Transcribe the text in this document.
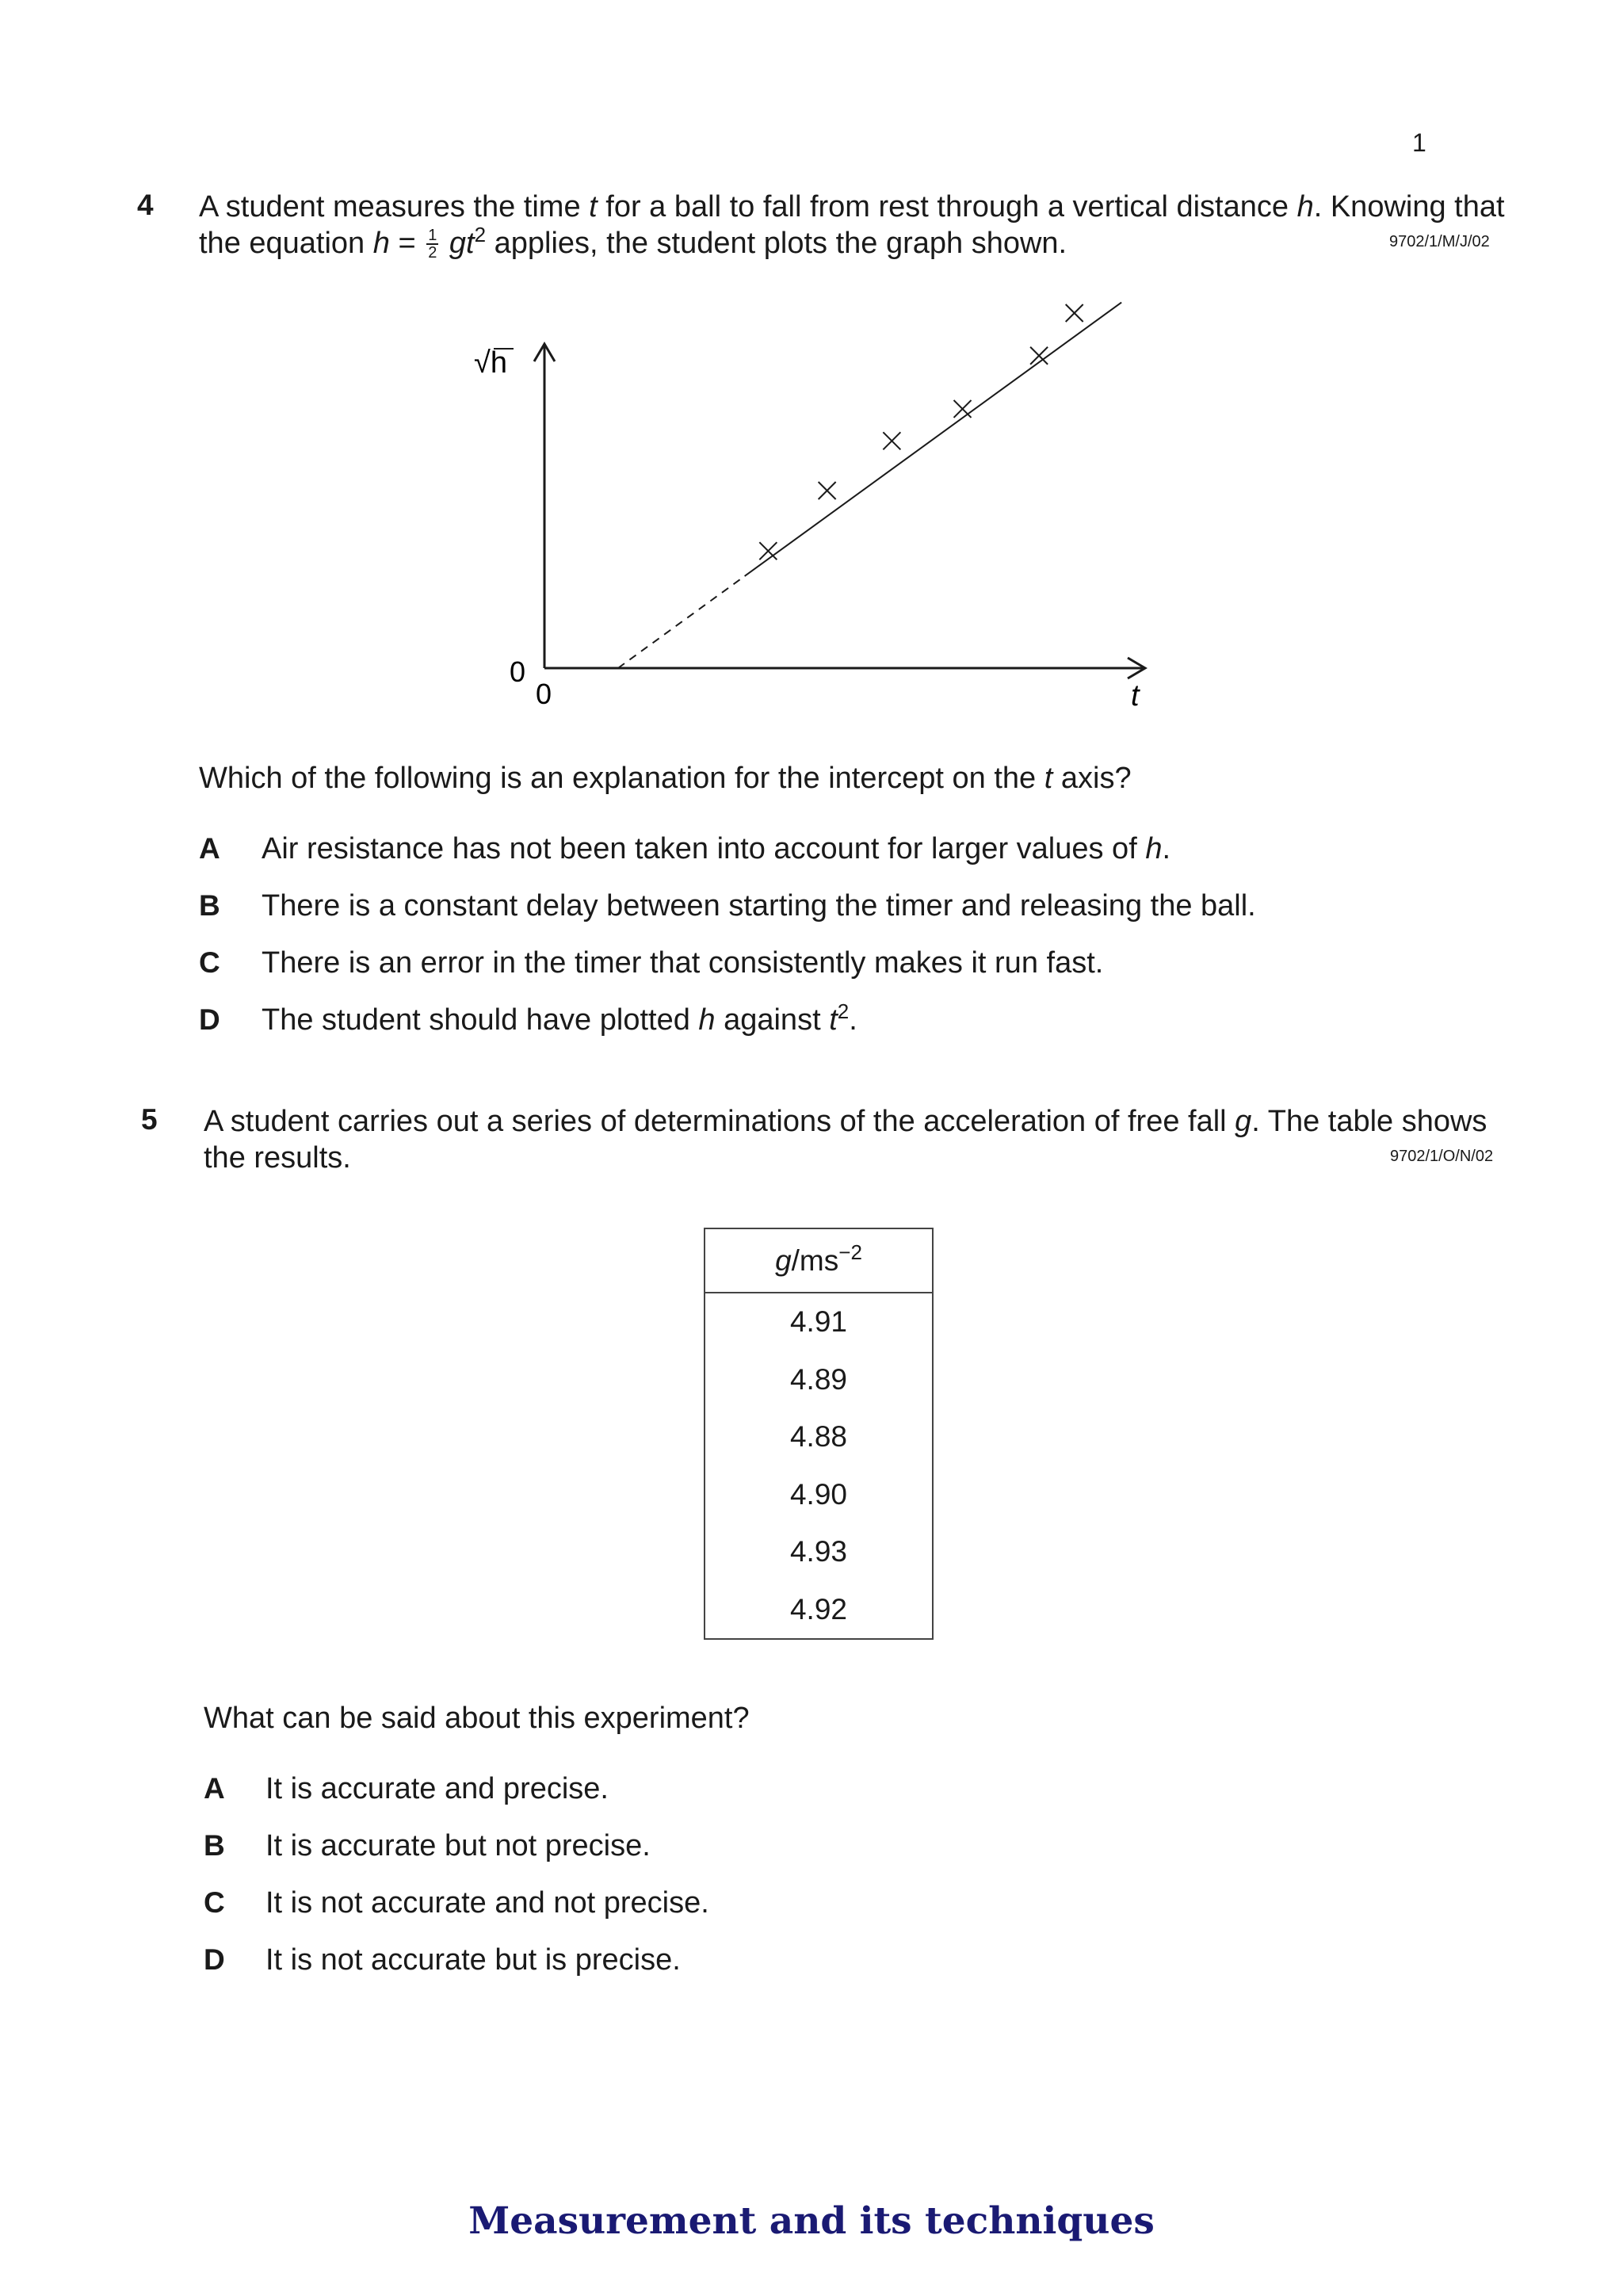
1
4 A student measures the time t for a ball to fall from rest through a vertical distance h. Knowing that
the equation $h = \frac{1}{2} gt^2$ applies, the student plots the graph shown.	9702/1/M/J/02
√h
t
0
0
Which of the following is an explanation for the intercept on the t axis?
A Air resistance has not been taken into account for larger values of h.
B There is a constant delay between starting the timer and releasing the ball.
C There is an error in the timer that consistently makes it run fast.
D The student should have plotted h against $t^2$.
5 A student carries out a series of determinations of the acceleration of free fall g. The table shows
the results.	9702/1/O/N/02
$g/ms^{-2}$
4.91
4.89
4.88
4.90
4.93
4.92
What can be said about this experiment?
A It is accurate and precise.
B It is accurate but not precise.
C It is not accurate and not precise.
D It is not accurate but is precise.
Measurement and its techniques
